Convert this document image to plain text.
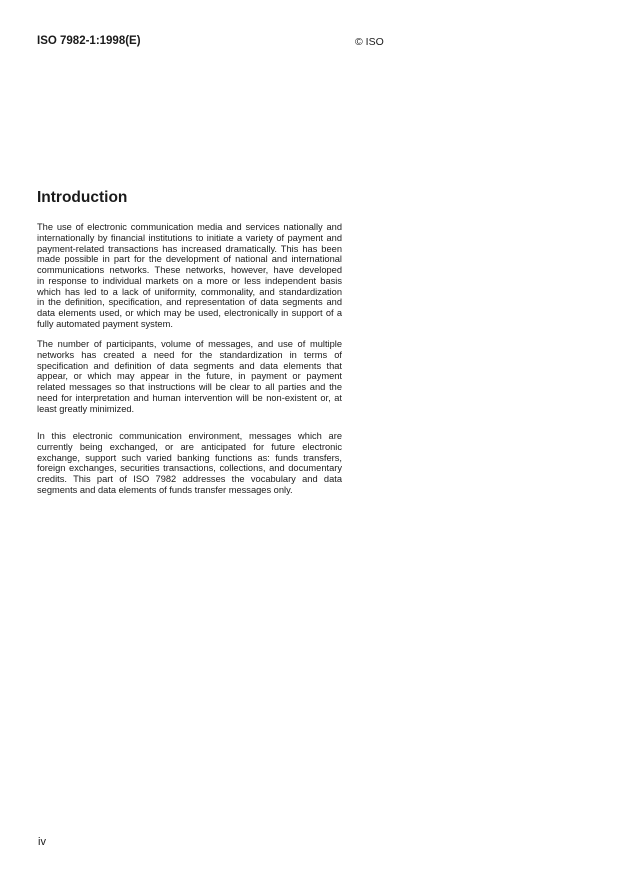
ISO 7982-1:1998(E)	© ISO
Introduction
The use of electronic communication media and services nationally and
internationally by financial institutions to initiate a variety of payment and
payment-related transactions has increased dramatically. This has been
made possible in part for the development of national and international
communications networks. These networks, however, have developed
in response to individual markets on a more or less independent basis
which has led to a lack of uniformity, commonality, and standardization
in the definition, specification, and representation of data segments and
data elements used, or which may be used, electronically in support of a
fully automated payment system.
The number of participants, volume of messages, and use of multiple
networks has created a need for the standardization in terms of
specification and definition of data segments and data elements that
appear, or which may appear in the future, in payment or payment
related messages so that instructions will be clear to all parties and the
need for interpretation and human intervention will be non-existent or, at
least greatly minimized.
In this electronic communication environment, messages which are
currently being exchanged, or are anticipated for future electronic
exchange, support such varied banking functions as: funds transfers,
foreign exchanges, securities transactions, collections, and documentary
credits. This part of ISO 7982 addresses the vocabulary and data
segments and data elements of funds transfer messages only.
iv
